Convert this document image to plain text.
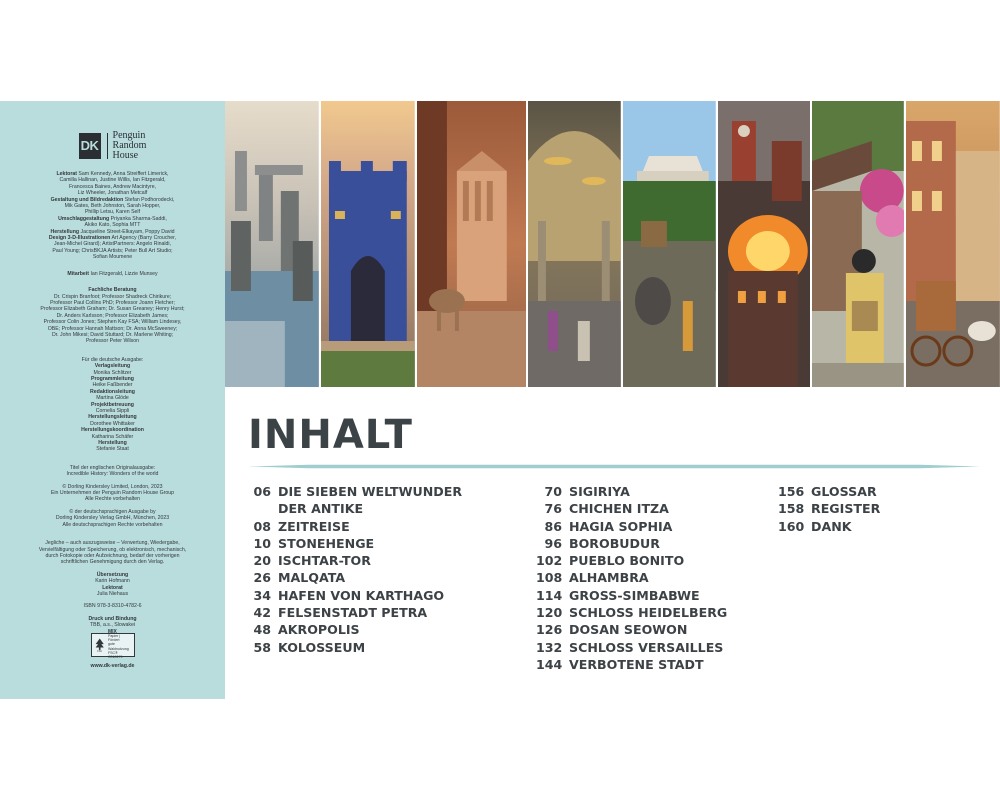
DK
Penguin
Random
House
Lektorat Sam Kennedy, Anna Streiffert Limerick,
Camilla Hallinan, Justine Willis, Ian Fitzgerald,
Francesca Baines, Andrew Macintyre,
Liz Wheeler, Jonathan Metcalf
Gestaltung und Bildredaktion Stefan Podhorodecki,
Mik Gates, Beth Johnston, Sarah Hopper,
Phillip Letsu, Karen Self
Umschlaggestaltung Priyanka Sharma-Saddi,
Akiko Kato, Sophia MTT
Herstellung Jacqueline Street-Elkayam, Poppy David
Design 3-D-Illustrationen Art Agency (Barry Croucher,
Jean-Michel Girard); ArtistPartners: Angelo Rinaldi,
Paul Young; ChrisBKJA Artists; Peter Bull Art Studio;
Sofian Moumene
Mitarbeit Ian Fitzgerald, Lizzie Munsey
Fachliche Beratung
Dr. Crispin Branfoot; Professor Shadreck Chirikure;
Professor Paul Collins PhD; Professor Joann Fletcher;
Professor Elizabeth Graham; Dr. Susan Greaney; Henry Hurst;
Dr. Anders Karlsson; Professor Elizabeth James;
Professor Colin Jones; Stephen Kay FSA; William Lindesey,
OBE; Professor Hannah Mattson; Dr. Anna McSweeney;
Dr. John Mikesi; David Stuttard; Dr. Marlene Whiting;
Professor Peter Wilson
Für die deutsche Ausgabe:
Verlagsleitung
Monika Schlitzer
Programmleitung
Heike Faßbender
Redaktionsleitung
Martina Glöde
Projektbetreuung
Cornelia Sippli
Herstellungsleitung
Dorothee Whittaker
Herstellungskoordination
Katharina Schäfer
Herstellung
Stefanie Staat
Titel der englischen Originalausgabe:
Incredible History: Wonders of the world
© Dorling Kindersley Limited, London, 2023
Ein Unternehmen der Penguin Random House Group
Alle Rechte vorbehalten
© der deutschsprachigen Ausgabe by
Dorling Kindersley Verlag GmbH, München, 2023
Alle deutschsprachigen Rechte vorbehalten
Jegliche – auch auszugsweise – Verwertung, Wiedergabe,
Vervielfältigung oder Speicherung, ob elektronisch, mechanisch,
durch Fotokopie oder Aufzeichnung, bedarf der vorherigen
schriftlichen Genehmigung durch den Verlag.
Übersetzung
Karin Hofmann
Lektorat
Julia Niehaus
ISBN 978-3-8310-4782-6
Druck und Bindung
TBB, a.s., Slowakei
FSC
MIX
Papier | Fördert
gute Waldnutzung
FSC® C018179
www.dk-verlag.de
INHALT
06 DIE SIEBEN WELTWUNDER
DER ANTIKE
08 ZEITREISE
10 STONEHENGE
20 ISCHTAR-TOR
26 MALQATA
34 HAFEN VON KARTHAGO
42 FELSENSTADT PETRA
48 AKROPOLIS
58 KOLOSSEUM
70 SIGIRIYA
76 CHICHEN ITZA
86 HAGIA SOPHIA
96 BOROBUDUR
102 PUEBLO BONITO
108 ALHAMBRA
114 GROSS-SIMBABWE
120 SCHLOSS HEIDELBERG
126 DOSAN SEOWON
132 SCHLOSS VERSAILLES
144 VERBOTENE STADT
156 GLOSSAR
158 REGISTER
160 DANK
